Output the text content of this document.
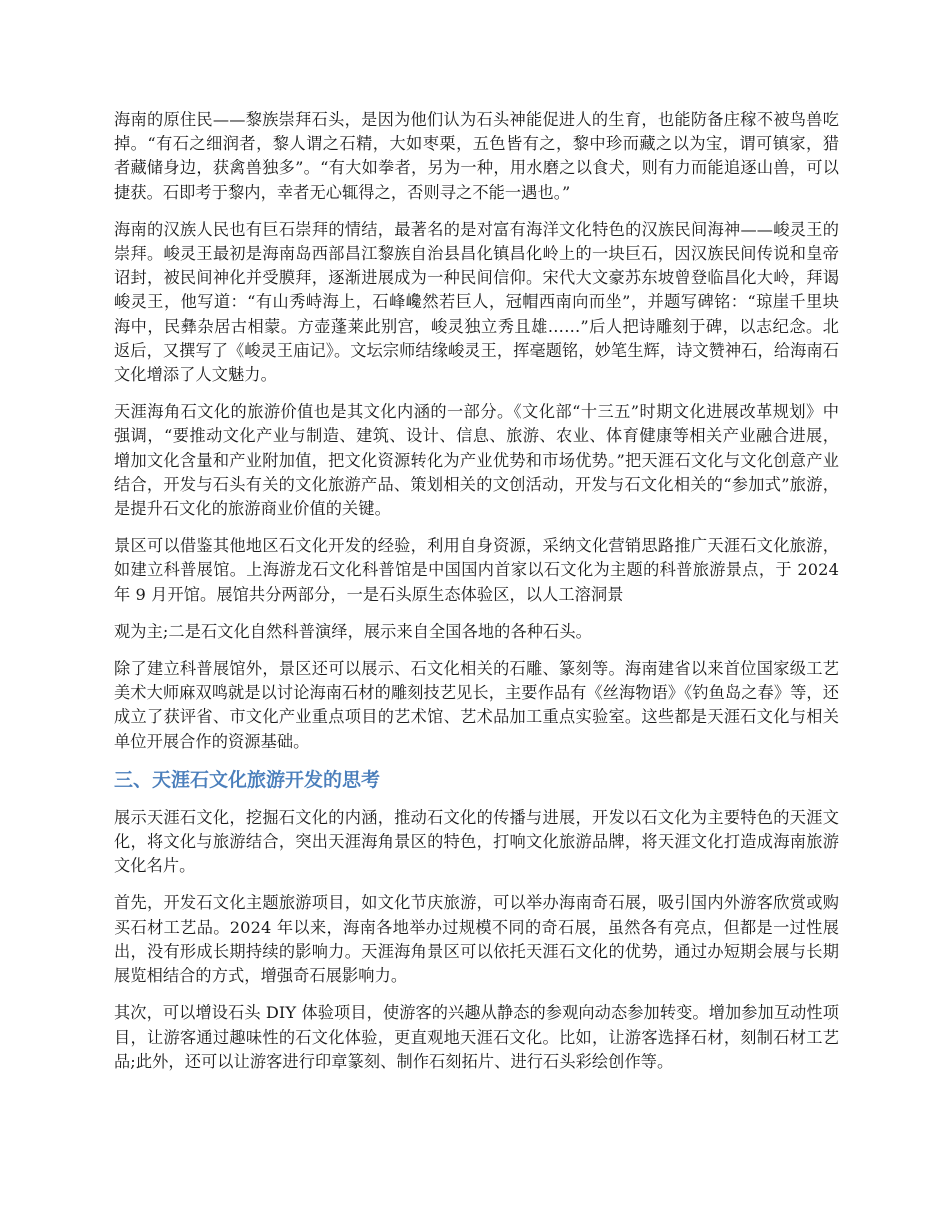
海南的原住民——黎族崇拜石头，是因为他们认为石头神能促进人的生育，也能防备庄稼不被鸟兽吃掉。“有石之细润者，黎人谓之石精，大如枣栗，五色皆有之，黎中珍而藏之以为宝，谓可镇家，猎者藏储身边，获禽兽独多”。“有大如拳者，另为一种，用水磨之以食犬，则有力而能追逐山兽，可以捷获。石即考于黎内，幸者无心辄得之，否则寻之不能一遇也。”

海南的汉族人民也有巨石崇拜的情结，最著名的是对富有海洋文化特色的汉族民间海神——峻灵王的崇拜。峻灵王最初是海南岛西部昌江黎族自治县昌化镇昌化岭上的一块巨石，因汉族民间传说和皇帝诏封，被民间神化并受膜拜，逐渐进展成为一种民间信仰。宋代大文豪苏东坡曾登临昌化大岭，拜谒峻灵王，他写道：“有山秀峙海上，石峰巉然若巨人，冠帽西南向而坐”，并题写碑铭：“琼崖千里块海中，民彝杂居古相蒙。方壶蓬莱此别宫，峻灵独立秀且雄……”后人把诗雕刻于碑，以志纪念。北返后，又撰写了《峻灵王庙记》。文坛宗师结缘峻灵王，挥毫题铭，妙笔生辉，诗文赞神石，给海南石文化增添了人文魅力。

天涯海角石文化的旅游价值也是其文化内涵的一部分。《文化部“十三五”时期文化进展改革规划》中强调，“要推动文化产业与制造、建筑、设计、信息、旅游、农业、体育健康等相关产业融合进展，增加文化含量和产业附加值，把文化资源转化为产业优势和市场优势。”把天涯石文化与文化创意产业结合，开发与石头有关的文化旅游产品、策划相关的文创活动，开发与石文化相关的“参加式”旅游，是提升石文化的旅游商业价值的关键。

景区可以借鉴其他地区石文化开发的经验，利用自身资源，采纳文化营销思路推广天涯石文化旅游，如建立科普展馆。上海游龙石文化科普馆是中国国内首家以石文化为主题的科普旅游景点，于 2024 年 9 月开馆。展馆共分两部分，一是石头原生态体验区，以人工溶洞景

观为主;二是石文化自然科普演绎，展示来自全国各地的各种石头。

除了建立科普展馆外，景区还可以展示、石文化相关的石雕、篆刻等。海南建省以来首位国家级工艺美术大师麻双鸣就是以讨论海南石材的雕刻技艺见长，主要作品有《丝海物语》《钓鱼岛之春》等，还成立了获评省、市文化产业重点项目的艺术馆、艺术品加工重点实验室。这些都是天涯石文化与相关单位开展合作的资源基础。

三、天涯石文化旅游开发的思考

展示天涯石文化，挖掘石文化的内涵，推动石文化的传播与进展，开发以石文化为主要特色的天涯文化，将文化与旅游结合，突出天涯海角景区的特色，打响文化旅游品牌，将天涯文化打造成海南旅游文化名片。

首先，开发石文化主题旅游项目，如文化节庆旅游，可以举办海南奇石展，吸引国内外游客欣赏或购买石材工艺品。2024 年以来，海南各地举办过规模不同的奇石展，虽然各有亮点，但都是一过性展出，没有形成长期持续的影响力。天涯海角景区可以依托天涯石文化的优势，通过办短期会展与长期展览相结合的方式，增强奇石展影响力。

其次，可以增设石头 DIY 体验项目，使游客的兴趣从静态的参观向动态参加转变。增加参加互动性项目，让游客通过趣味性的石文化体验，更直观地天涯石文化。比如，让游客选择石材，刻制石材工艺品;此外，还可以让游客进行印章篆刻、制作石刻拓片、进行石头彩绘创作等。
